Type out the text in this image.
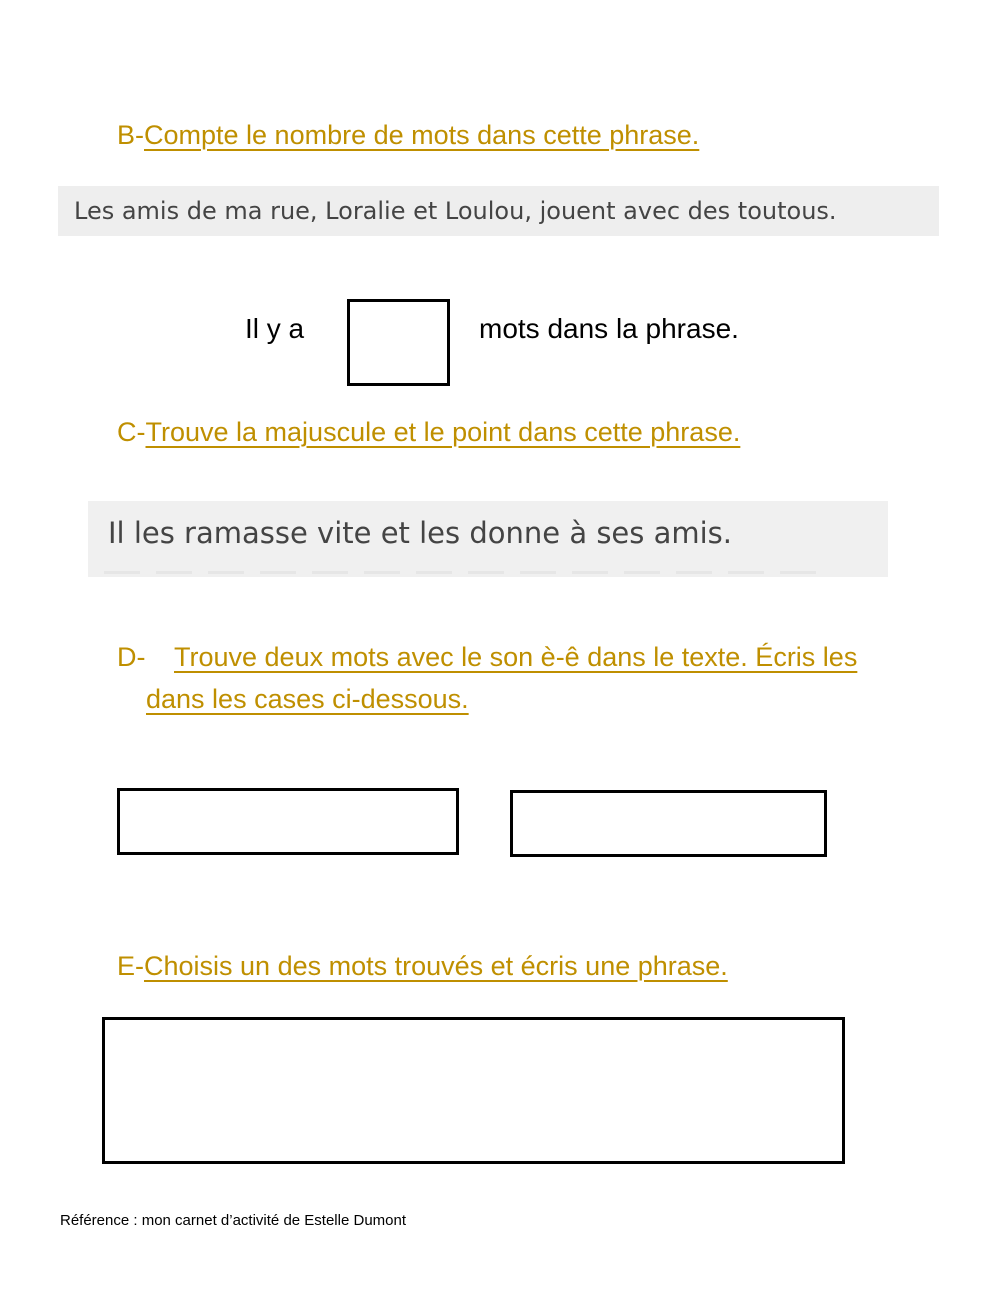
B-Compte le nombre de mots dans cette phrase.
Les amis de ma rue, Loralie et Loulou, jouent avec des toutous.
Il y a	mots dans la phrase.
C-Trouve la majuscule et le point dans cette phrase.
Il les ramasse vite et les donne à ses amis.
D- Trouve deux mots avec le son è-ê dans le texte. Écris les
dans les cases ci-dessous.
E-Choisis un des mots trouvés et écris une phrase.
Référence : mon carnet d’activité de Estelle Dumont
